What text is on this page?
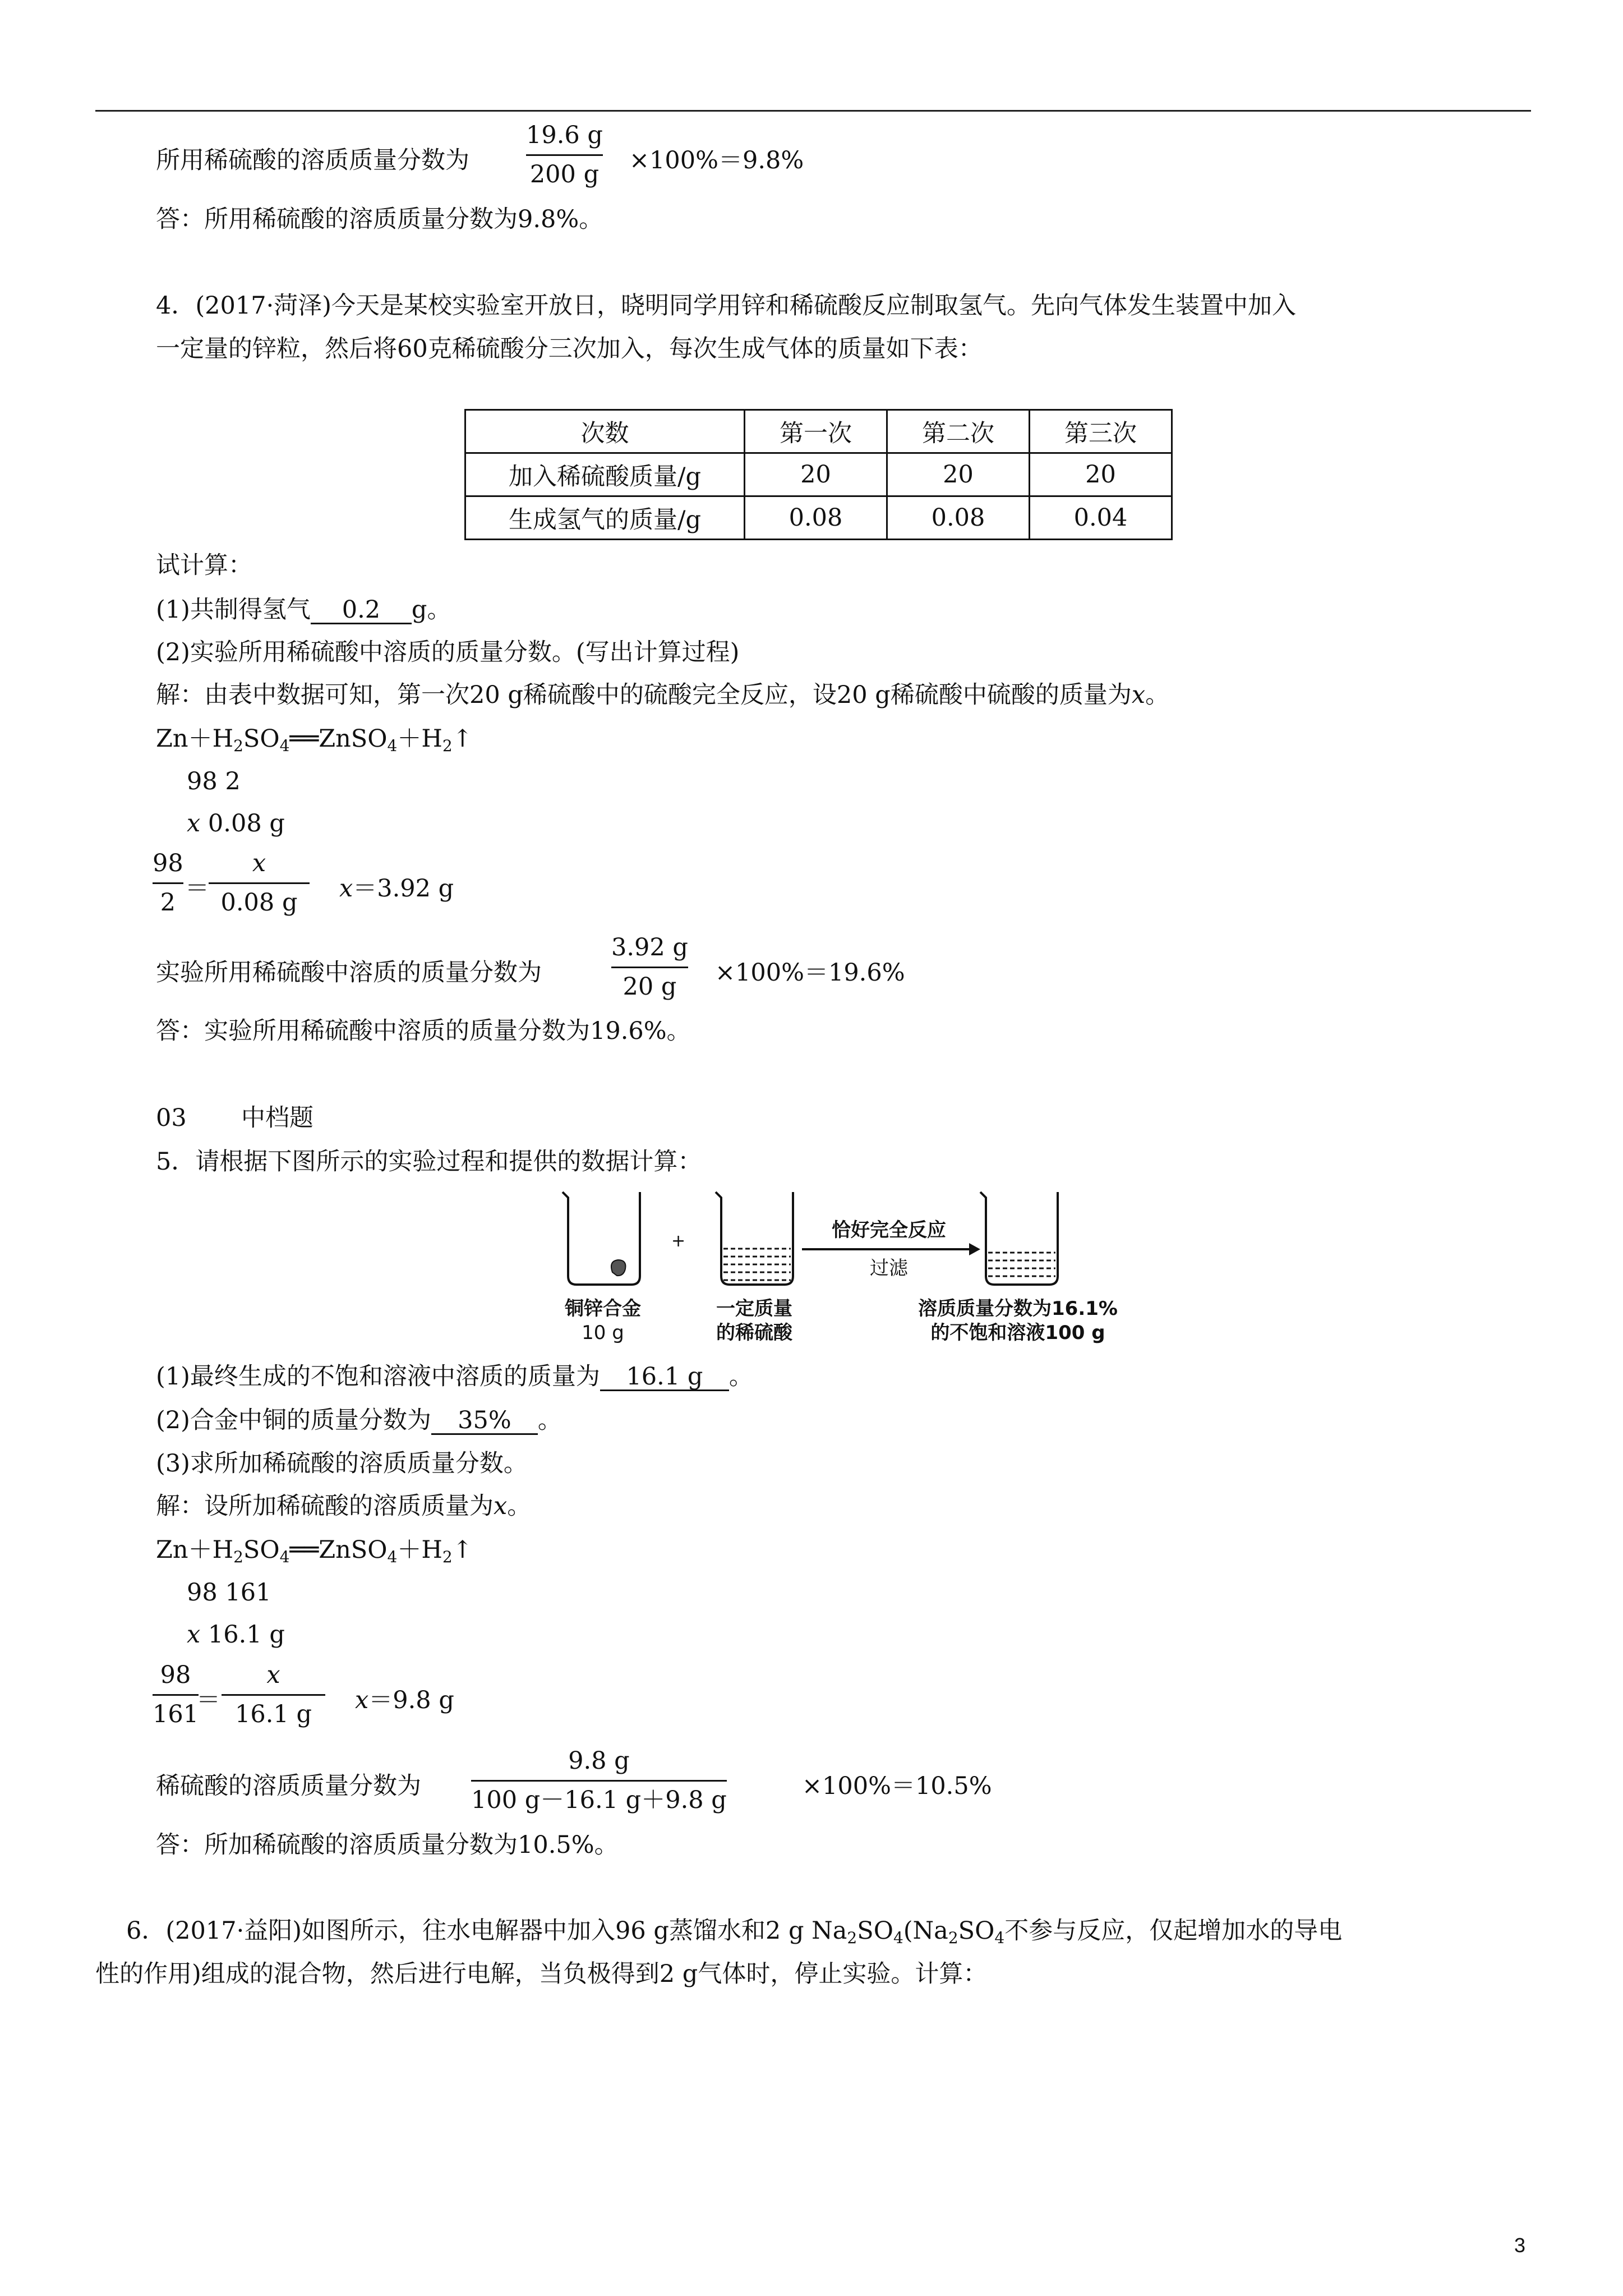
所用稀硫酸的溶质质量分数为
19.6 g
200 g ×100%＝9.8%
答：所用稀硫酸的溶质质量分数为9.8%。
4．(2017·菏泽)今天是某校实验室开放日，晓明同学用锌和稀硫酸反应制取氢气。先向气体发生装置中加入
一定量的锌粒，然后将60克稀硫酸分三次加入，每次生成气体的质量如下表：
次数	第一次	第二次	第三次
加入稀硫酸质量/g	20	20	20
生成氢气的质量/g	0.08	0.08	0.04
试计算：
(1)共制得氢气 0.2 g。
(2)实验所用稀硫酸中溶质的质量分数。(写出计算过程)
解：由表中数据可知，第一次20 g稀硫酸中的硫酸完全反应，设20 g稀硫酸中硫酸的质量为x。
$Zn+H_2SO_4══ZnSO_4+H_2↑$
98 2
x 0.08 g
98
2 ＝
x
0.08 g	x＝3.92 g
实验所用稀硫酸中溶质的质量分数为
3.92 g
20 g	×100%＝19.6%
答：实验所用稀硫酸中溶质的质量分数为19.6%。
03 中档题
5．请根据下图所示的实验过程和提供的数据计算：
+
铜锌合金
10 g
一定质量
的稀硫酸
恰好完全反应
过滤
溶质质量分数为16.1%
的不饱和溶液100 g
(1)最终生成的不饱和溶液中溶质的质量为 16.1 g 。
(2)合金中铜的质量分数为 35% 。
(3)求所加稀硫酸的溶质质量分数。
解：设所加稀硫酸的溶质质量为x。
$Zn+H_2SO_4══ZnSO_4+H_2↑$
98 161
x 16.1 g
98
161
＝
x
16.1 g	x＝9.8 g
稀硫酸的溶质质量分数为
9.8 g
100 g－16.1 g＋9.8 g	×100%＝10.5%
答：所加稀硫酸的溶质质量分数为10.5%。
6．(2017·益阳)如图所示，往水电解器中加入96 g蒸馏水和2 g $Na_2SO_4(Na_2SO_4$不参与反应，仅起增加水的导电
性的作用)组成的混合物，然后进行电解，当负极得到2 g气体时，停止实验。计算：
3
